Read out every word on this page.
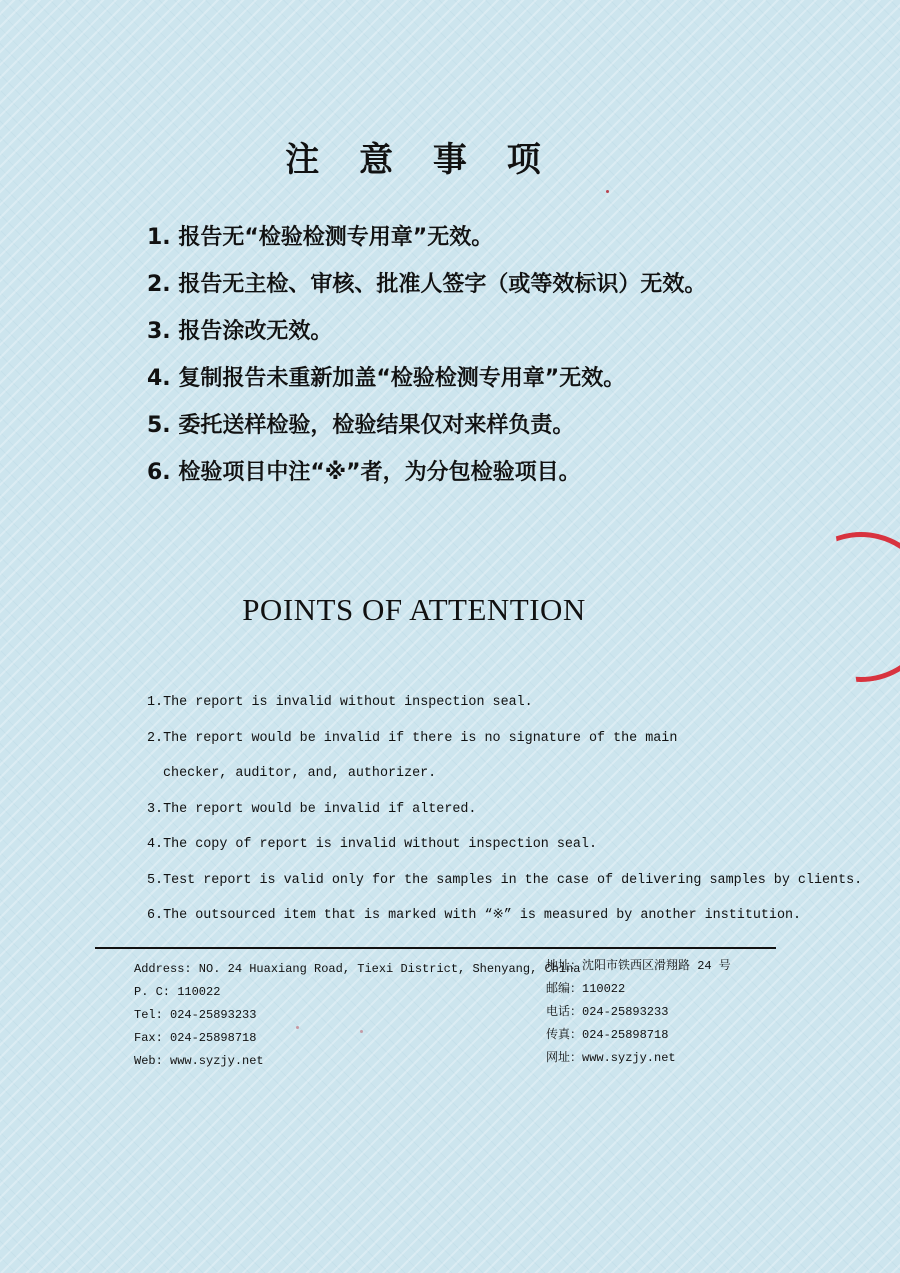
注 意 事 项
1. 报告无“检验检测专用章”无效。
2. 报告无主检、审核、批准人签字（或等效标识）无效。
3. 报告涂改无效。
4. 复制报告未重新加盖“检验检测专用章”无效。
5. 委托送样检验，检验结果仅对来样负责。
6. 检验项目中注“※”者，为分包检验项目。
POINTS OF ATTENTION
1.The report is invalid without inspection seal.
2.The report would be invalid if there is no signature of the main
checker, auditor, and, authorizer.
3.The report would be invalid if altered.
4.The copy of report is invalid without inspection seal.
5.Test report is valid only for the samples in the case of delivering samples by clients.
6.The outsourced item that is marked with “※” is measured by another institution.
Address: NO. 24 Huaxiang Road, Tiexi District, Shenyang, China
P. C: 110022
Tel: 024-25893233
Fax: 024-25898718
Web: www.syzjy.net
地址：沈阳市铁西区滑翔路 24 号
邮编：110022
电话：024-25893233
传真：024-25898718
网址：www.syzjy.net
